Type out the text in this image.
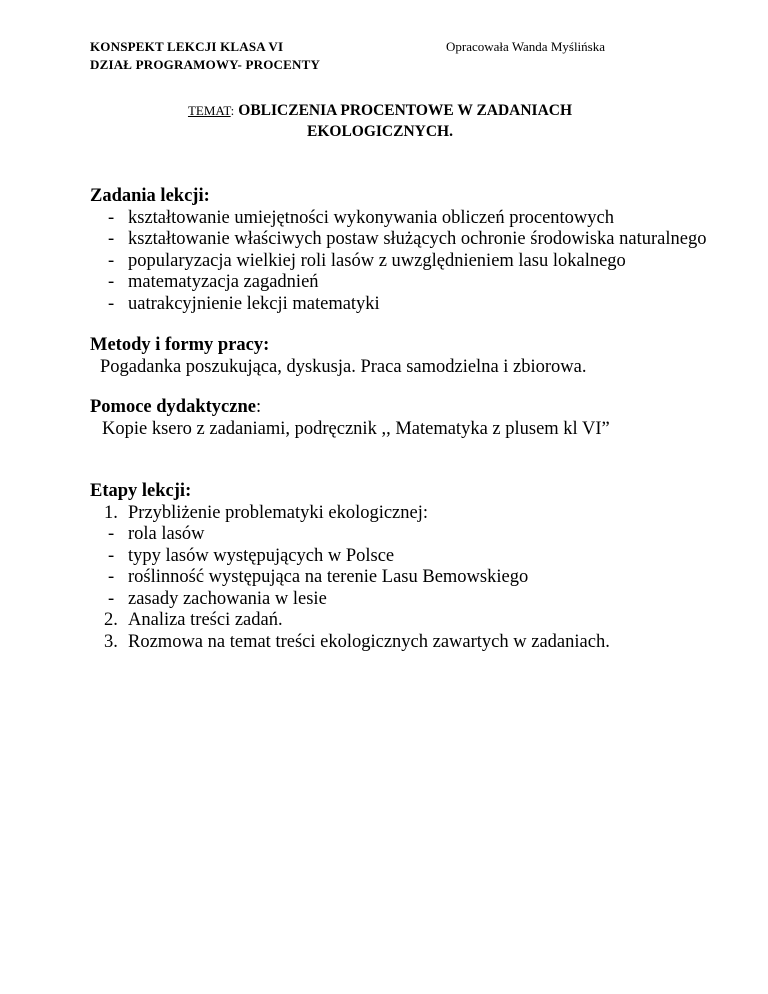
KONSPEKT LEKCJI KLASA VI
DZIAŁ PROGRAMOWY- PROCENTY
Opracowała Wanda Myślińska
TEMAT: OBLICZENIA PROCENTOWE W ZADANIACH
EKOLOGICZNYCH.
Zadania lekcji:
- kształtowanie umiejętności wykonywania obliczeń procentowych
- kształtowanie właściwych postaw służących ochronie środowiska naturalnego
- popularyzacja wielkiej roli lasów z uwzględnieniem lasu lokalnego
- matematyzacja zagadnień
- uatrakcyjnienie lekcji matematyki
Metody i formy pracy:
Pogadanka poszukująca, dyskusja. Praca samodzielna i zbiorowa.
Pomoce dydaktyczne:
Kopie ksero z zadaniami, podręcznik ,, Matematyka z plusem kl VI”
Etapy lekcji:
1. Przybliżenie problematyki ekologicznej:
- rola lasów
- typy lasów występujących w Polsce
- roślinność występująca na terenie Lasu Bemowskiego
- zasady zachowania w lesie
2. Analiza treści zadań.
3. Rozmowa na temat treści ekologicznych zawartych w zadaniach.
